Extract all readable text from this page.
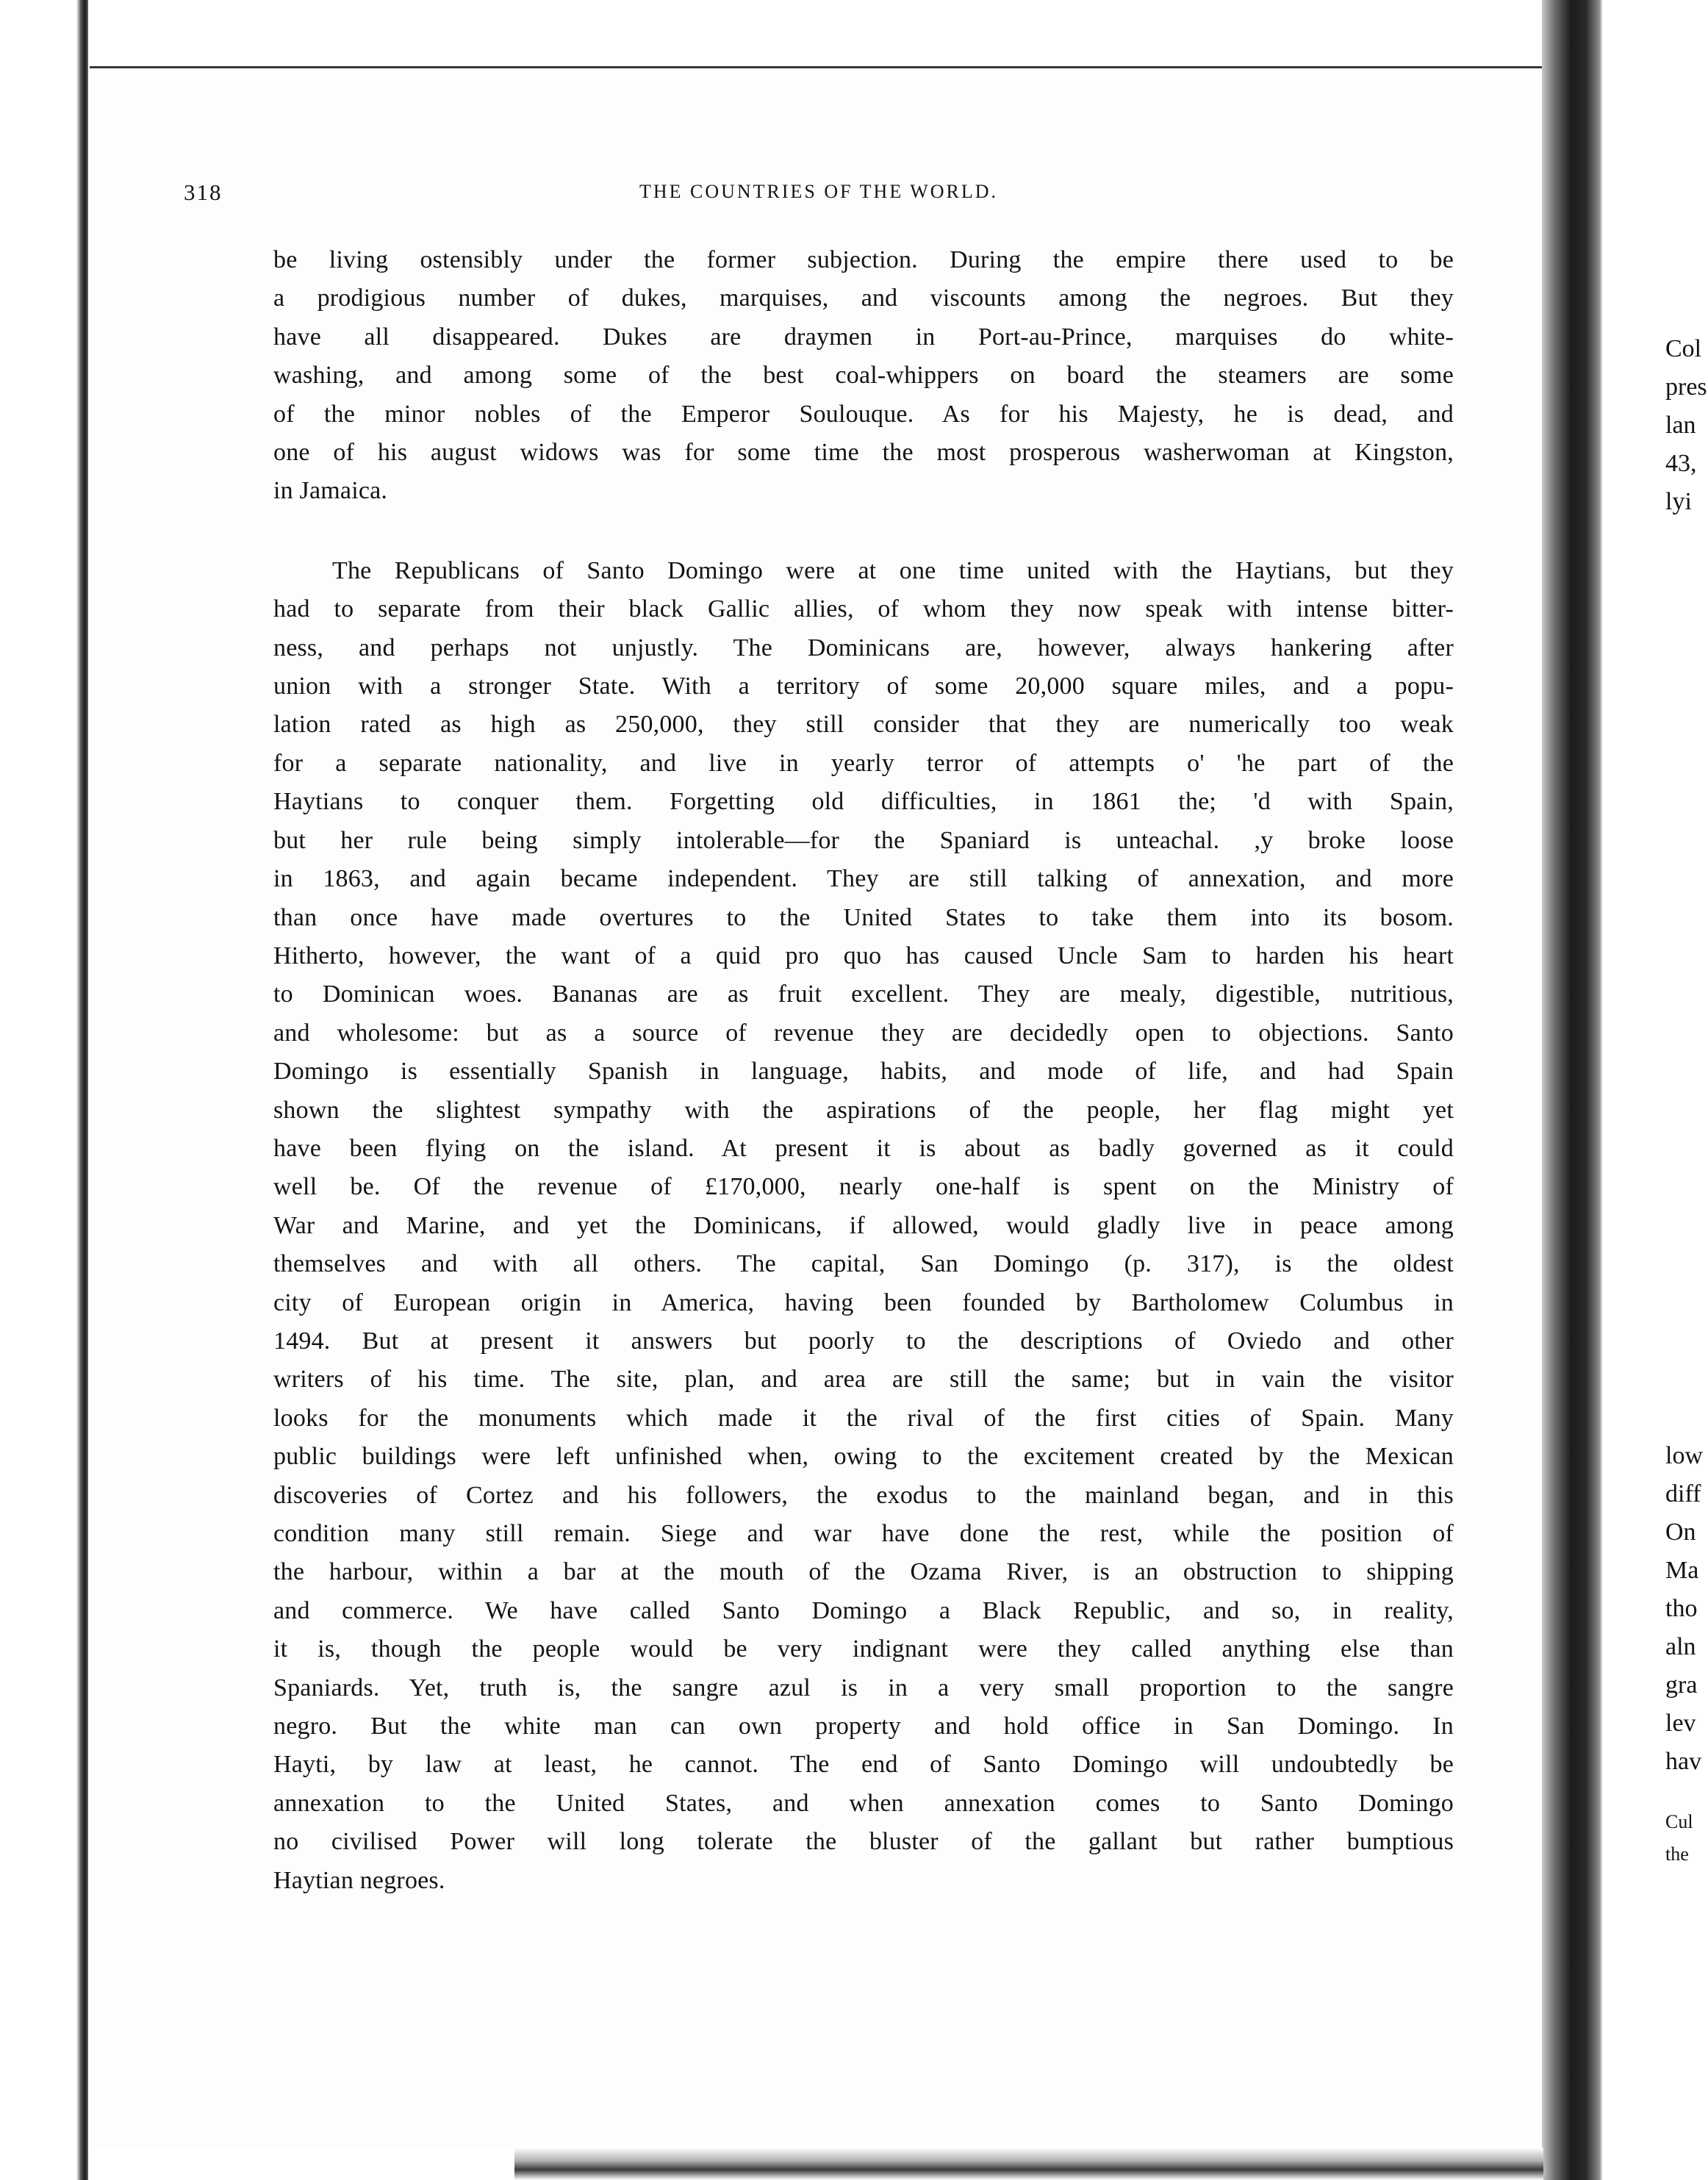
318	THE COUNTRIES OF THE WORLD.

be living ostensibly under the former subjection. During the empire there used to be
a prodigious number of dukes, marquises, and viscounts among the negroes. But they
have all disappeared. Dukes are draymen in Port-au-Prince, marquises do white-
washing, and among some of the best coal-whippers on board the steamers are some
of the minor nobles of the Emperor Soulouque. As for his Majesty, he is dead, and
one of his august widows was for some time the most prosperous washerwoman at Kingston,
in Jamaica.

The Republicans of Santo Domingo were at one time united with the Haytians, but they
had to separate from their black Gallic allies, of whom they now speak with intense bitter-
ness, and perhaps not unjustly. The Dominicans are, however, always hankering after
union with a stronger State. With a territory of some 20,000 square miles, and a popu-
lation rated as high as 250,000, they still consider that they are numerically too weak
for a separate nationality, and live in yearly terror of attempts o' 'he part of the
Haytians to conquer them. Forgetting old difficulties, in 1861 the; 'd with Spain,
but her rule being simply intolerable—for the Spaniard is unteachal. ,y broke loose
in 1863, and again became independent. They are still talking of annexation, and more
than once have made overtures to the United States to take them into its bosom.
Hitherto, however, the want of a quid pro quo has caused Uncle Sam to harden his heart
to Dominican woes. Bananas are as fruit excellent. They are mealy, digestible, nutritious,
and wholesome: but as a source of revenue they are decidedly open to objections. Santo
Domingo is essentially Spanish in language, habits, and mode of life, and had Spain
shown the slightest sympathy with the aspirations of the people, her flag might yet
have been flying on the island. At present it is about as badly governed as it could
well be. Of the revenue of £170,000, nearly one-half is spent on the Ministry of
War and Marine, and yet the Dominicans, if allowed, would gladly live in peace among
themselves and with all others. The capital, San Domingo (p. 317), is the oldest
city of European origin in America, having been founded by Bartholomew Columbus in
1494. But at present it answers but poorly to the descriptions of Oviedo and other
writers of his time. The site, plan, and area are still the same; but in vain the visitor
looks for the monuments which made it the rival of the first cities of Spain. Many
public buildings were left unfinished when, owing to the excitement created by the Mexican
discoveries of Cortez and his followers, the exodus to the mainland began, and in this
condition many still remain. Siege and war have done the rest, while the position of
the harbour, within a bar at the mouth of the Ozama River, is an obstruction to shipping
and commerce. We have called Santo Domingo a Black Republic, and so, in reality,
it is, though the people would be very indignant were they called anything else than
Spaniards. Yet, truth is, the sangre azul is in a very small proportion to the sangre
negro. But the white man can own property and hold office in San Domingo. In
Hayti, by law at least, he cannot. The end of Santo Domingo will undoubtedly be
annexation to the United States, and when annexation comes to Santo Domingo
no civilised Power will long tolerate the bluster of the gallant but rather bumptious
Haytian negroes.

Col
pres
lan
43,
lyi
low
diff
On
Ma
tho
aln
gra
lev
hav
Cul
the
